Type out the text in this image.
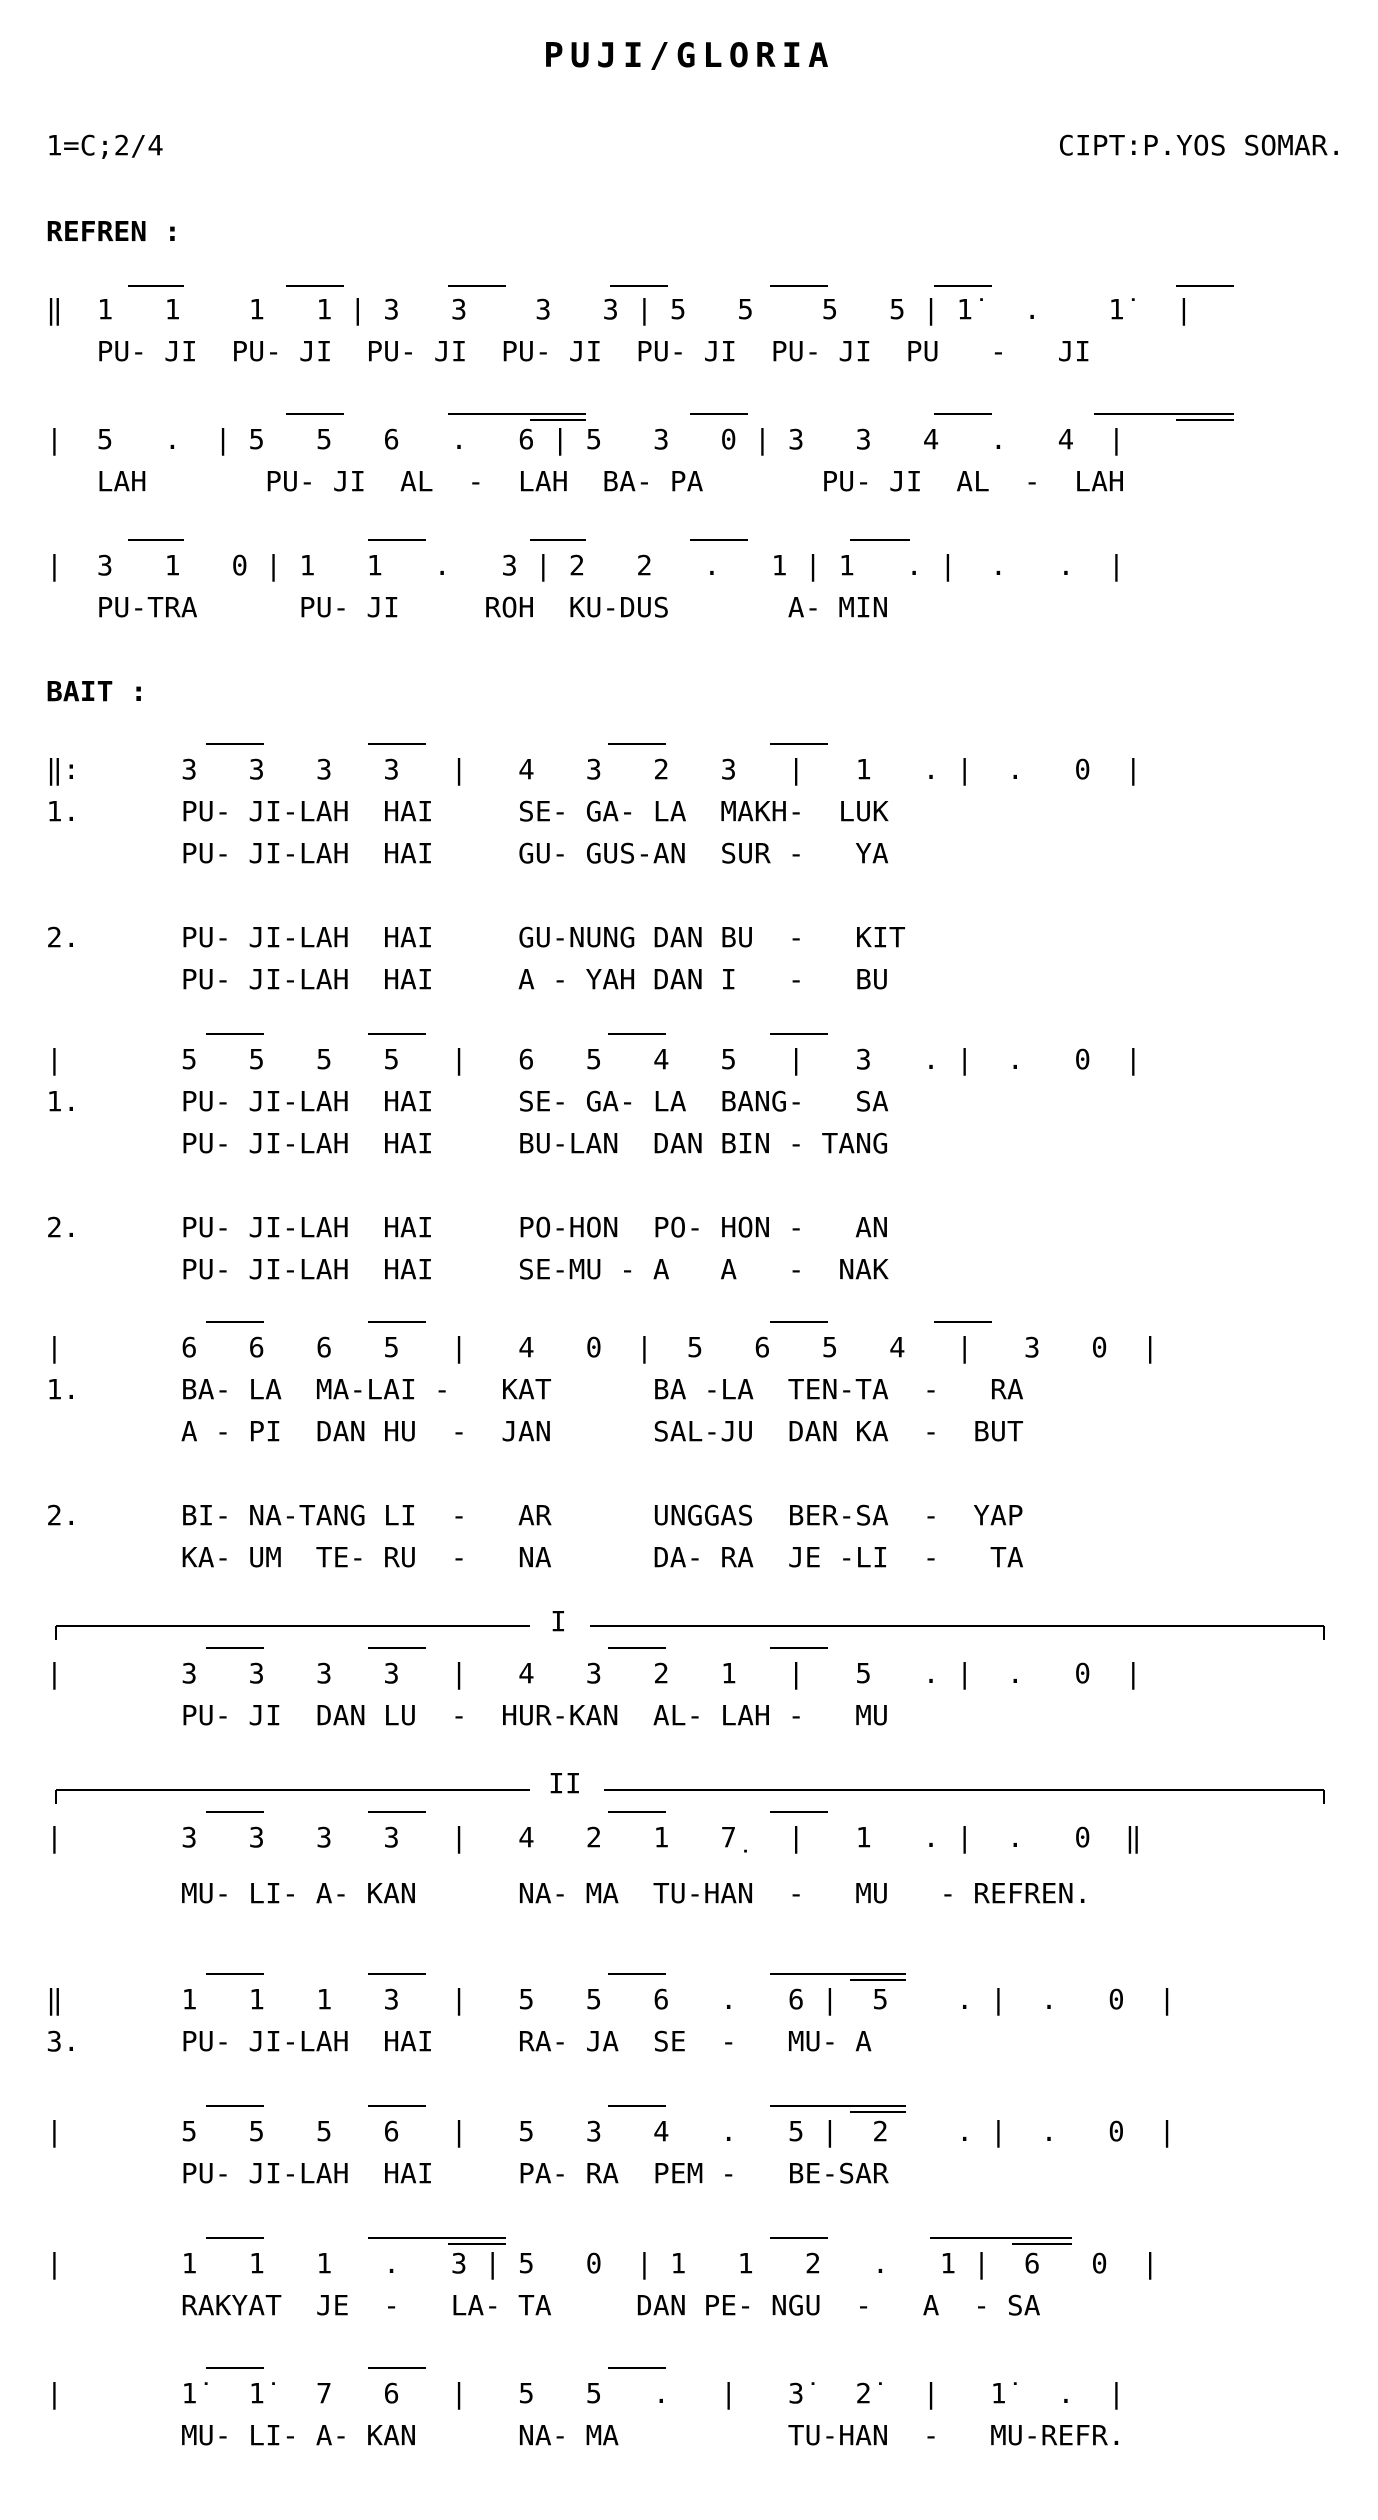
PUJI/GLORIA
1=C;2/4	CIPT:P.YOS SOMAR.
REFREN :
‖  1   1    1   1 | 3   3    3   3 | 5   5    5   5 | 1̇   .    1̇   |
PU- JI  PU- JI  PU- JI  PU- JI  PU- JI  PU- JI  PU   -   JI
|  5   .  | 5   5   6   .   6 | 5   3   0 | 3   3   4   .   4  |
LAH       PU- JI  AL  -  LAH  BA- PA       PU- JI  AL  -  LAH
|  3   1   0 | 1   1   .   3 | 2   2   .   1 | 1   . |  .   .  |
PU-TRA      PU- JI     ROH  KU-DUS       A- MIN
BAIT :
‖:      3   3   3   3   |   4   3   2   3   |   1   . |  .   0  |
1.      PU- JI-LAH  HAI     SE- GA- LA  MAKH-  LUK
PU- JI-LAH  HAI     GU- GUS-AN  SUR -   YA
2.      PU- JI-LAH  HAI     GU-NUNG DAN BU  -   KIT
PU- JI-LAH  HAI     A - YAH DAN I   -   BU
|       5   5   5   5   |   6   5   4   5   |   3   . |  .   0  |
1.      PU- JI-LAH  HAI     SE- GA- LA  BANG-   SA
PU- JI-LAH  HAI     BU-LAN  DAN BIN - TANG
2.      PU- JI-LAH  HAI     PO-HON  PO- HON -   AN
PU- JI-LAH  HAI     SE-MU - A   A   -  NAK
|       6   6   6   5   |   4   0  |  5   6   5   4   |   3   0  |
1.      BA- LA  MA-LAI -   KAT      BA -LA  TEN-TA  -   RA
A - PI  DAN HU  -  JAN      SAL-JU  DAN KA  -  BUT
2.      BI- NA-TANG LI  -   AR      UNGGAS  BER-SA  -  YAP
KA- UM  TE- RU  -   NA      DA- RA  JE -LI  -   TA
I
|       3   3   3   3   |   4   3   2   1   |   5   . |  .   0  |
PU- JI  DAN LU  -  HUR-KAN  AL- LAH -   MU
II
|       3   3   3   3   |   4   2   1   7̣   |   1   . |  .   0  ‖
MU- LI- A- KAN      NA- MA  TU-HAN  -   MU   - REFREN.
‖       1   1   1   3   |   5   5   6   .   6 |  5    . |  .   0  |
3.      PU- JI-LAH  HAI     RA- JA  SE  -   MU- A
|       5   5   5   6   |   5   3   4   .   5 |  2    . |  .   0  |
PU- JI-LAH  HAI     PA- RA  PEM -   BE-SAR
|       1   1   1   .   3 | 5   0  | 1   1   2   .   1 |  6   0  |
RAKYAT  JE  -   LA- TA     DAN PE- NGU  -   A  - SA
|       1̇   1̇   7   6   |   5   5   .   |   3̇   2̇   |   1̇   .  |
MU- LI- A- KAN      NA- MA          TU-HAN  -   MU-REFR.
